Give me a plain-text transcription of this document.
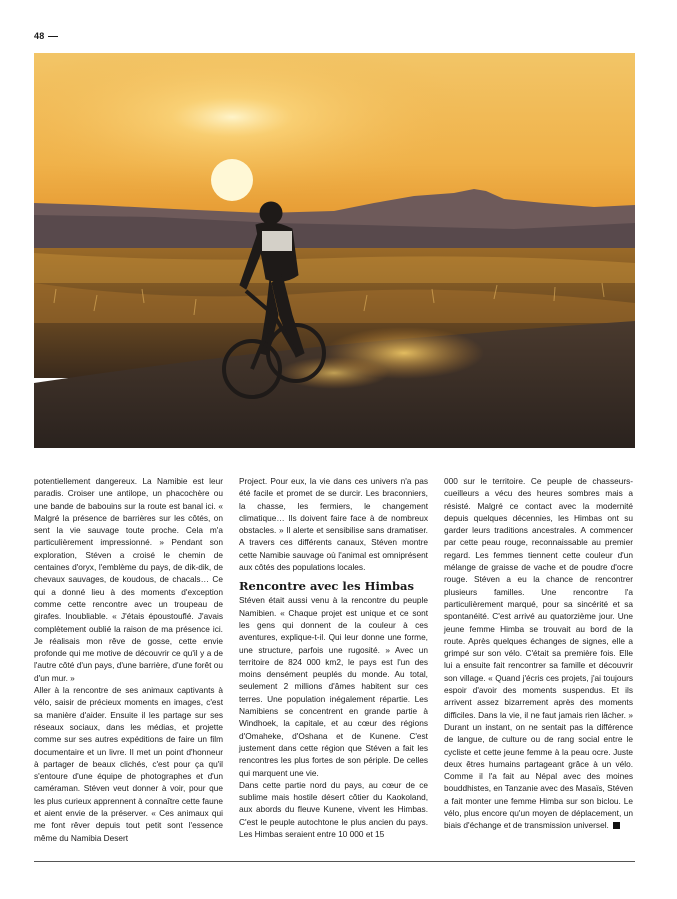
48

potentiellement dangereux. La Namibie est leur paradis. Croiser une antilope, un phacochère ou une bande de babouins sur la route est banal ici. « Malgré la présence de barrières sur les côtés, on sent la vie sauvage toute proche. Cela m'a particulièrement impressionné. » Pendant son exploration, Stéven a croisé le chemin de centaines d'oryx, l'emblème du pays, de dik-dik, de chevaux sauvages, de koudous, de chacals… Ce qui a donné lieu à des moments d'exception comme cette rencontre avec un troupeau de girafes. Inoubliable. « J'étais époustouflé. J'avais complètement oublié la raison de ma présence ici. Je réalisais mon rêve de gosse, cette envie profonde qui me motive de découvrir ce qu'il y a de l'autre côté d'un pays, d'une barrière, d'une forêt ou d'un mur. »

Aller à la rencontre de ses animaux captivants à vélo, saisir de précieux moments en images, c'est sa manière d'aider. Ensuite il les partage sur ses réseaux sociaux, dans les médias, et projette comme sur ses autres expéditions de faire un film documentaire et un livre. Il met un point d'honneur à partager de beaux clichés, c'est pour ça qu'il s'entoure d'une équipe de photographes et d'un caméraman. Stéven veut donner à voir, pour que les plus curieux apprennent à connaître cette faune et aient envie de la préserver. « Ces animaux qui me font rêver depuis tout petit sont l'essence même du Namibia Desert

Project. Pour eux, la vie dans ces univers n'a pas été facile et promet de se durcir. Les braconniers, la chasse, les fermiers, le changement climatique… Ils doivent faire face à de nombreux obstacles. » Il alerte et sensibilise sans dramatiser. A travers ces différents canaux, Stéven montre cette Namibie sauvage où l'animal est omniprésent aux côtés des populations locales.

Rencontre avec les Himbas

Stéven était aussi venu à la rencontre du peuple Namibien. « Chaque projet est unique et ce sont les gens qui donnent de la couleur à ces aventures, explique-t-il. Qui leur donne une forme, une structure, parfois une rugosité. » Avec un territoire de 824 000 km2, le pays est l'un des moins densément peuplés du monde. Au total, seulement 2 millions d'âmes habitent sur ces terres. Une population inégalement répartie. Les Namibiens se concentrent en grande partie à Windhoek, la capitale, et au cœur des régions d'Omaheke, d'Oshana et de Kunene. C'est justement dans cette région que Stéven a fait les rencontres les plus fortes de son périple. De celles qui marquent une vie.

Dans cette partie nord du pays, au cœur de ce sublime mais hostile désert côtier du Kaokoland, aux abords du fleuve Kunene, vivent les Himbas. C'est le peuple autochtone le plus ancien du pays. Les Himbas seraient entre 10 000 et 15

000 sur le territoire. Ce peuple de chasseurs-cueilleurs a vécu des heures sombres mais a résisté. Malgré ce contact avec la modernité depuis quelques décennies, les Himbas ont su garder leurs traditions ancestrales. A commencer par cette peau rouge, reconnaissable au premier regard. Les femmes tiennent cette couleur d'un mélange de graisse de vache et de poudre d'ocre rouge. Stéven a eu la chance de rencontrer plusieurs familles. Une rencontre l'a particulièrement marqué, pour sa sincérité et sa spontanéité. C'est arrivé au quatorzième jour. Une jeune femme Himba se trouvait au bord de la route. Après quelques échanges de signes, elle a grimpé sur son vélo. C'était sa première fois. Elle lui a ensuite fait rencontrer sa famille et découvrir son village. « Quand j'écris ces projets, j'ai toujours espoir d'avoir des moments suspendus. Et ils arrivent assez bizarrement après des moments difficiles. Dans la vie, il ne faut jamais rien lâcher. » Durant un instant, on ne sentait pas la différence de langue, de culture ou de rang social entre le cycliste et cette jeune femme à la peau ocre. Juste deux êtres humains partageant grâce à un vélo. Comme il l'a fait au Népal avec des moines bouddhistes, en Tanzanie avec des Masaïs, Stéven a fait monter une femme Himba sur son biclou. Le vélo, plus encore qu'un moyen de déplacement, un biais d'échange et de transmission universel.
